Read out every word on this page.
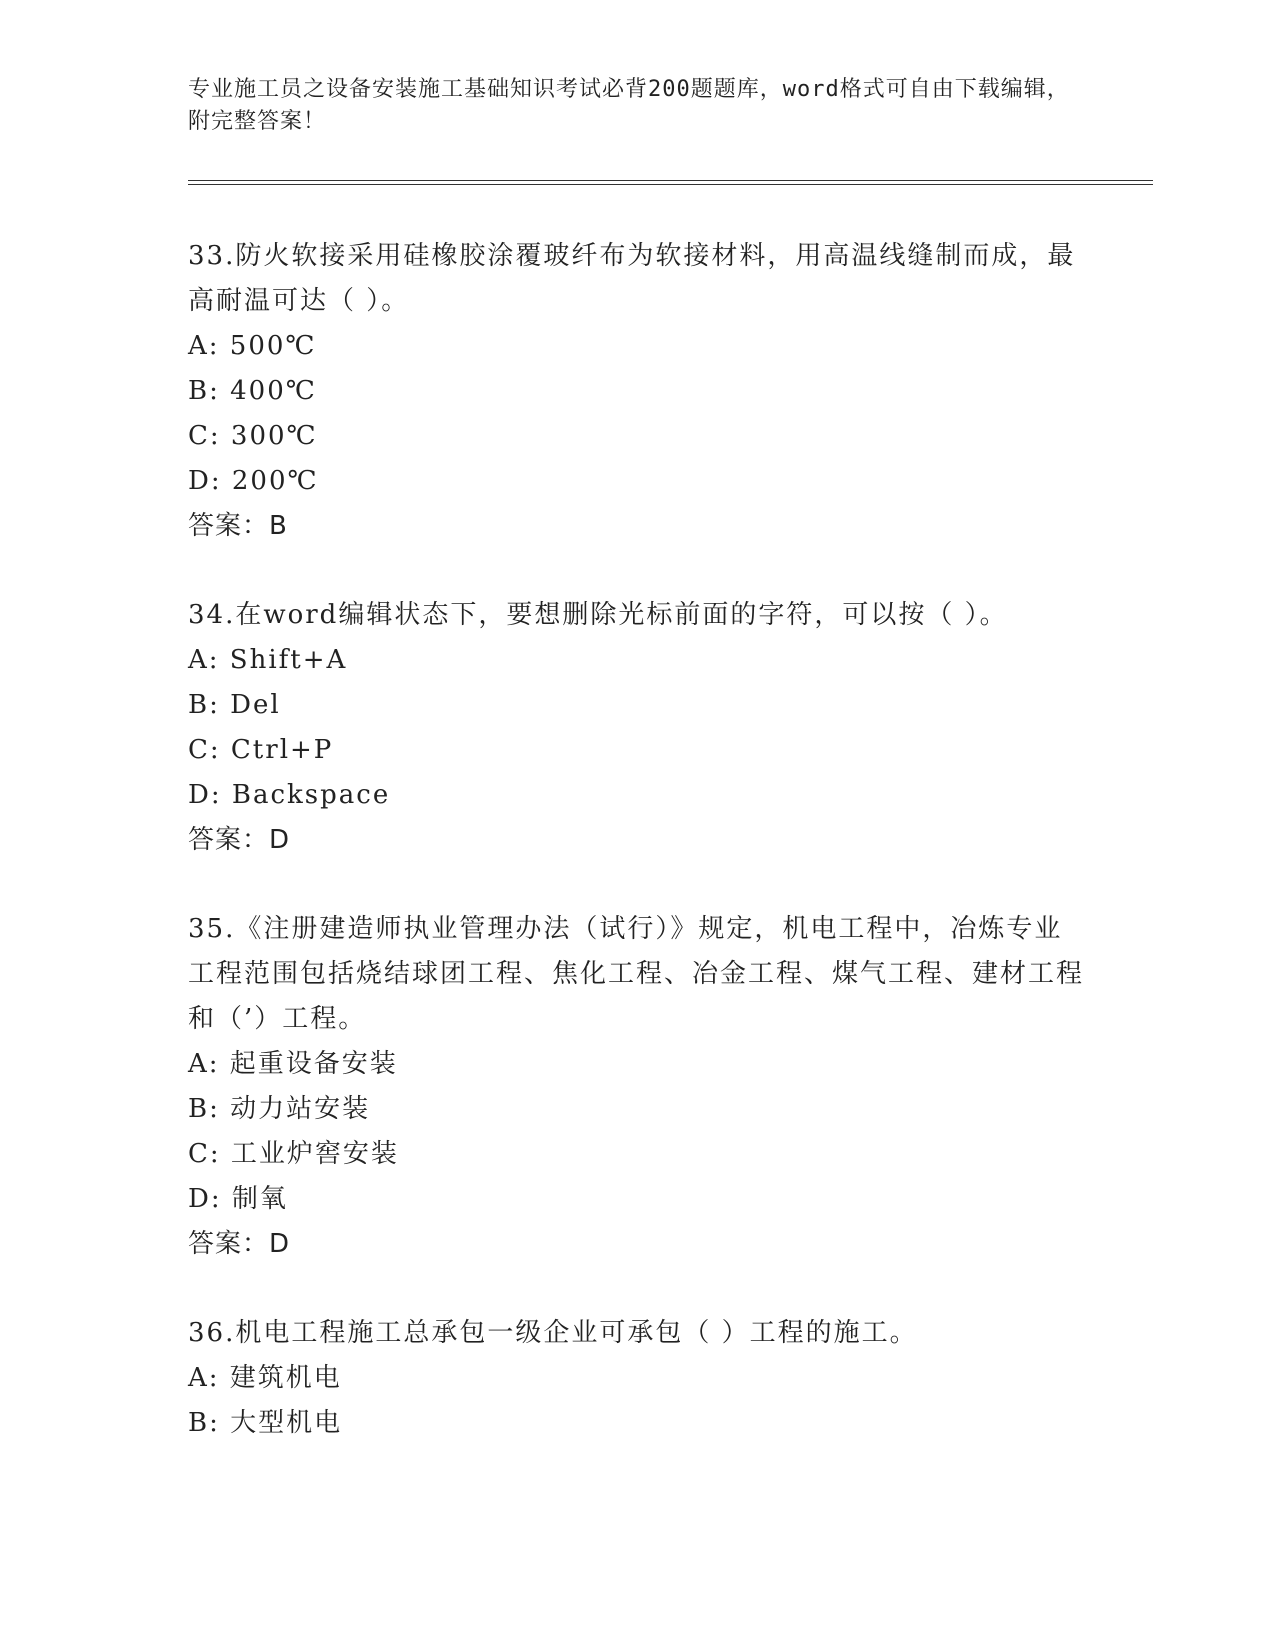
专业施工员之设备安装施工基础知识考试必背200题题库，word格式可自由下载编辑，附完整答案！

33.防火软接采用硅橡胶涂覆玻纤布为软接材料，用高温线缝制而成，最高耐温可达（ ）。

A: 500℃

B: 400℃

C: 300℃

D: 200℃

答案：B

34.在word编辑状态下，要想删除光标前面的字符，可以按（ ）。

A: Shift+A

B: Del

C: Ctrl+P

D: Backspace

答案：D

35.《注册建造师执业管理办法（试行）》规定，机电工程中，冶炼专业工程范围包括烧结球团工程、焦化工程、冶金工程、煤气工程、建材工程和（’）工程。

A: 起重设备安装

B: 动力站安装

C: 工业炉窖安装

D: 制氧

答案：D

36.机电工程施工总承包一级企业可承包（ ）工程的施工。

A: 建筑机电

B: 大型机电
